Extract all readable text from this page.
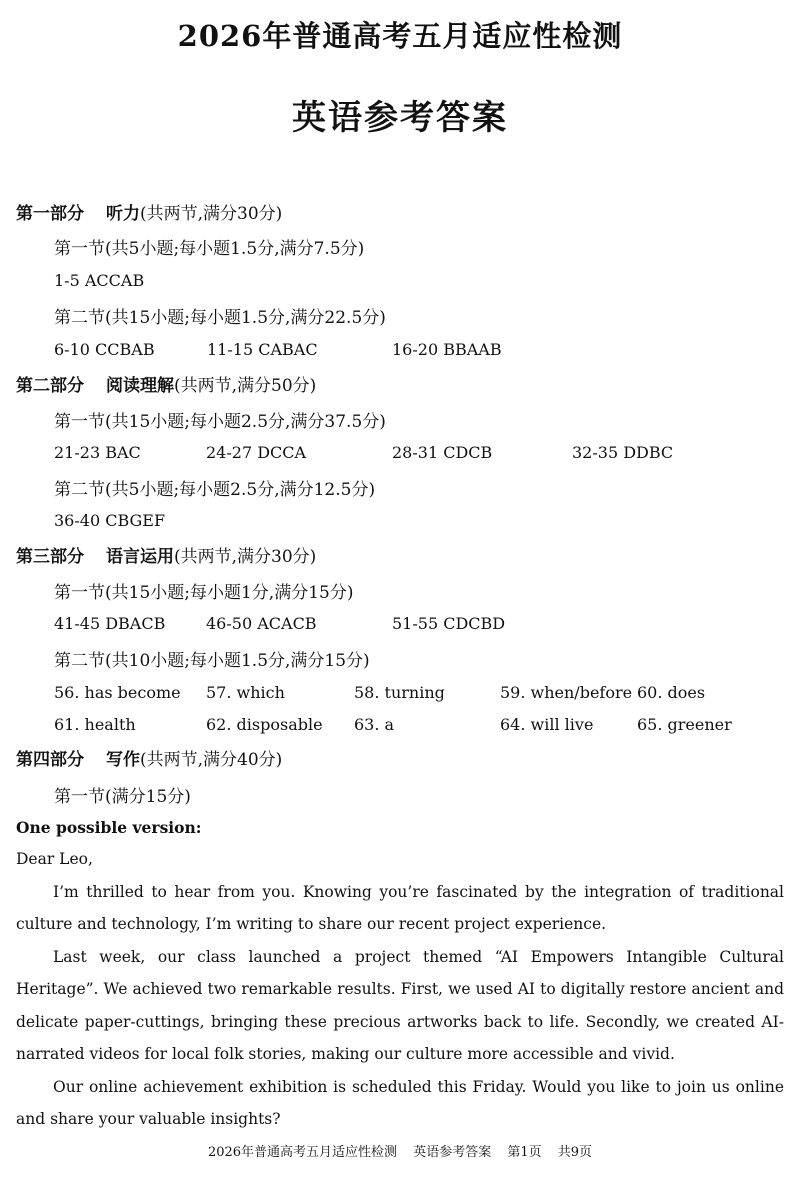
2026年普通高考五月适应性检测
英语参考答案
第一部分 听力(共两节,满分30分)
第一节(共5小题;每小题1.5分,满分7.5分)
1-5 ACCAB
第二节(共15小题;每小题1.5分,满分22.5分)
6-10 CCBAB	11-15 CABAC	16-20 BBAAB
第二部分 阅读理解(共两节,满分50分)
第一节(共15小题;每小题2.5分,满分37.5分)
21-23 BAC	24-27 DCCA	28-31 CDCB	32-35 DDBC
第二节(共5小题;每小题2.5分,满分12.5分)
36-40 CBGEF
第三部分 语言运用(共两节,满分30分)
第一节(共15小题;每小题1分,满分15分)
41-45 DBACB	46-50 ACACB	51-55 CDCBD
第二节(共10小题;每小题1.5分,满分15分)
56. has become 57. which	58. turning	59. when/before 60. does
61. health	62. disposable 63. a	64. will live	65. greener
第四部分 写作(共两节,满分40分)
第一节(满分15分)
One possible version:

Dear Leo,

I’m thrilled to hear from you. Knowing you’re fascinated by the integration of traditional culture and technology, I’m writing to share our recent project experience.

Last week, our class launched a project themed “AI Empowers Intangible Cultural Heritage”. We achieved two remarkable results. First, we used AI to digitally restore ancient and delicate paper-cuttings, bringing these precious artworks back to life. Secondly, we created AI-narrated videos for local folk stories, making our culture more accessible and vivid.

Our online achievement exhibition is scheduled this Friday. Would you like to join us online and share your valuable insights?

2026年普通高考五月适应性检测 英语参考答案 第1页 共9页
